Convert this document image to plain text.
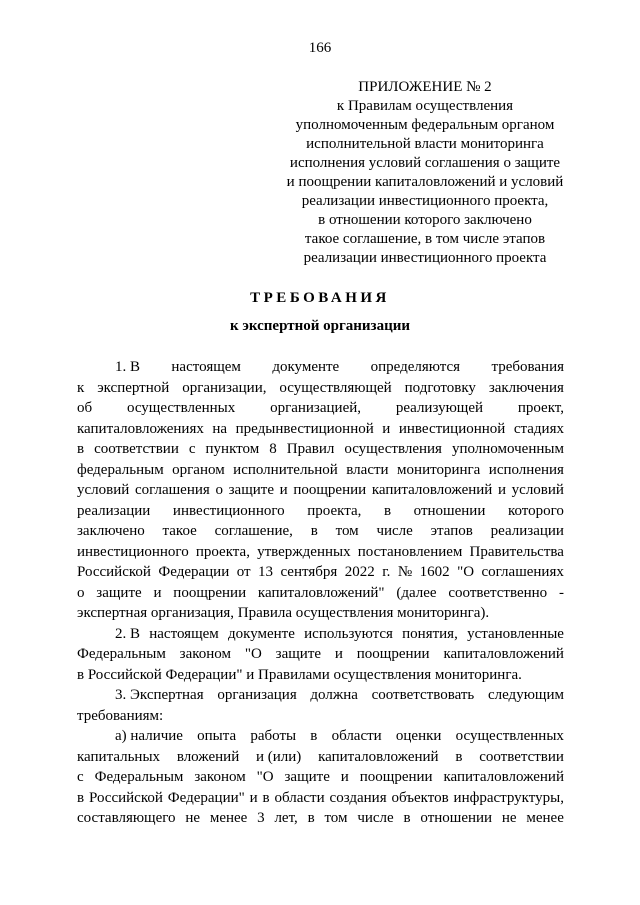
166
ПРИЛОЖЕНИЕ № 2
к Правилам осуществления
уполномоченным федеральным органом
исполнительной власти мониторинга
исполнения условий соглашения о защите
и поощрении капиталовложений и условий
реализации инвестиционного проекта,
в отношении которого заключено
такое соглашение, в том числе этапов
реализации инвестиционного проекта
ТРЕБОВАНИЯ
к экспертной организации
1. В настоящем документе определяются требования
к экспертной организации, осуществляющей подготовку заключения
об осуществленных организацией, реализующей проект,
капиталовложениях на предынвестиционной и инвестиционной стадиях
в соответствии с пунктом 8 Правил осуществления уполномоченным
федеральным органом исполнительной власти мониторинга исполнения
условий соглашения о защите и поощрении капиталовложений и условий
реализации инвестиционного проекта, в отношении которого
заключено такое соглашение, в том числе этапов реализации
инвестиционного проекта, утвержденных постановлением Правительства
Российской Федерации от 13 сентября 2022 г. № 1602 "О соглашениях
о защите и поощрении капиталовложений" (далее соответственно -
экспертная организация, Правила осуществления мониторинга).
2. В настоящем документе используются понятия, установленные
Федеральным законом "О защите и поощрении капиталовложений
в Российской Федерации" и Правилами осуществления мониторинга.
3. Экспертная организация должна соответствовать следующим
требованиям:
а) наличие опыта работы в области оценки осуществленных
капитальных вложений и (или) капиталовложений в соответствии
с Федеральным законом "О защите и поощрении капиталовложений
в Российской Федерации" и в области создания объектов инфраструктуры,
составляющего не менее 3 лет, в том числе в отношении не менее
